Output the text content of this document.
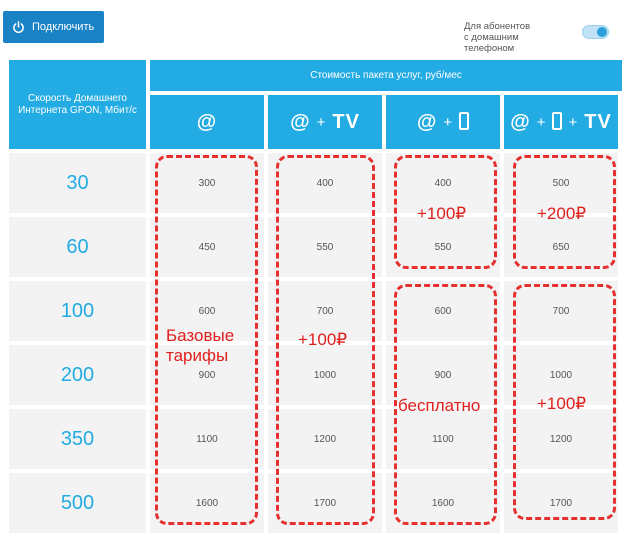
Подключить	Для абонентов
с домашним
телефоном
Скорость Домашнего Интернета GPON, Мбит/с
Стоимость пакета услуг, руб/мес
@	@ + TV	@ +	@ + + TV
30	300	400	400	500
60	450	550	550	650
100	600	700	600	700
200	900	1000	900	1000
350	1100	1200	1100	1200
500	1600	1700	1600	1700
Базовые
тарифы
+100₽
+100₽	+200₽
бесплатно	+100₽
